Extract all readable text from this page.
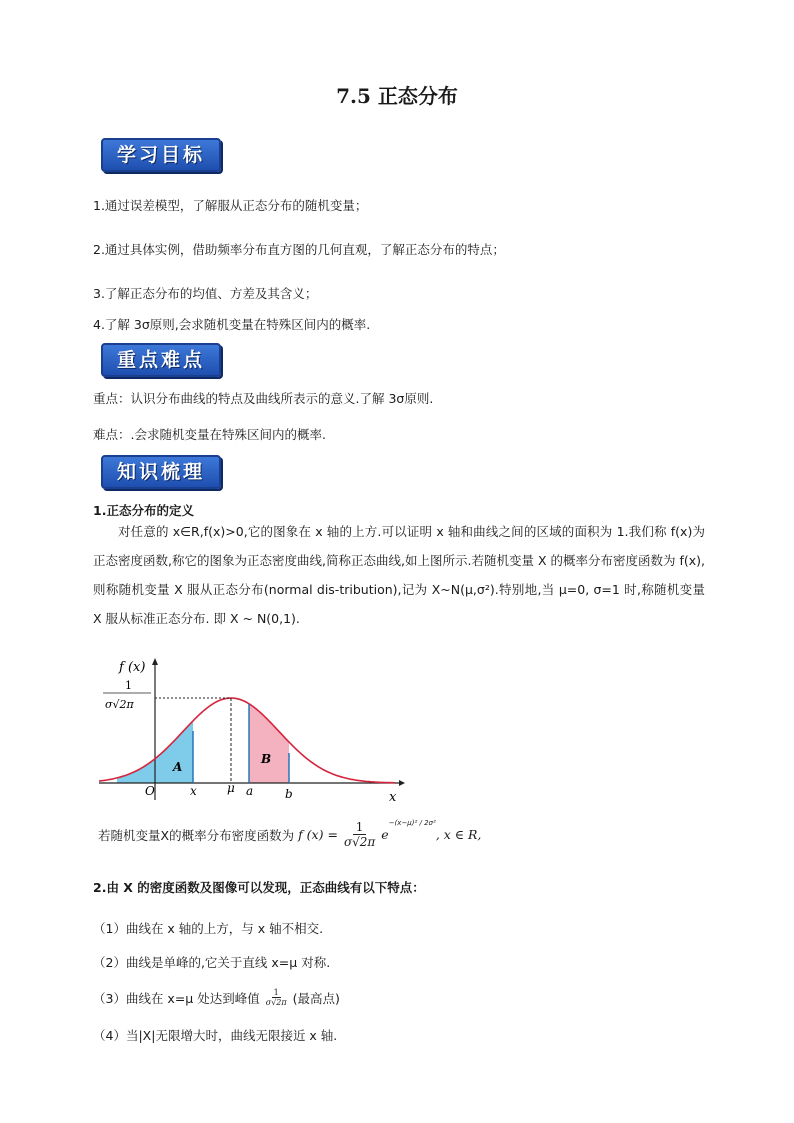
7.5 正态分布
学习目标
1.通过误差模型，了解服从正态分布的随机变量；
2.通过具体实例，借助频率分布直方图的几何直观，了解正态分布的特点；
3.了解正态分布的均值、方差及其含义；
4.了解 3σ原则,会求随机变量在特殊区间内的概率.
重点难点
重点：认识分布曲线的特点及曲线所表示的意义.了解 3σ原则.
难点：.会求随机变量在特殊区间内的概率.
知识梳理
1.正态分布的定义
对任意的 x∈R,f(x)>0,它的图象在 x 轴的上方.可以证明 x 轴和曲线之间的区域的面积为 1.我们称 f(x)为正态密度函数,称它的图象为正态密度曲线,简称正态曲线,如上图所示.若随机变量 X 的概率分布密度函数为 f(x),则称随机变量 X 服从正态分布(normal dis-tribution),记为 X~N(μ,σ²).特别地,当 μ=0, σ=1 时,称随机变量 X 服从标准正态分布. 即 X ~ N(0,1).
f (x)
1
σ√2π
A
B
O	x	μ a	b	x
若随机变量X的概率分布密度函数为 f $(x) = \frac{1}{\sigma√2\pi}$ e
−(x−μ)² / 2σ²
, x ∈ R,
2.由 X 的密度函数及图像可以发现，正态曲线有以下特点：
（1）曲线在 x 轴的上方，与 x 轴不相交.
（2）曲线是单峰的,它关于直线 x=μ 对称.
（3）曲线在 x=μ 处达到峰值 $\frac{1}{\sigma√2\pi}$ (最高点)
（4）当|X|无限增大时，曲线无限接近 x 轴.
